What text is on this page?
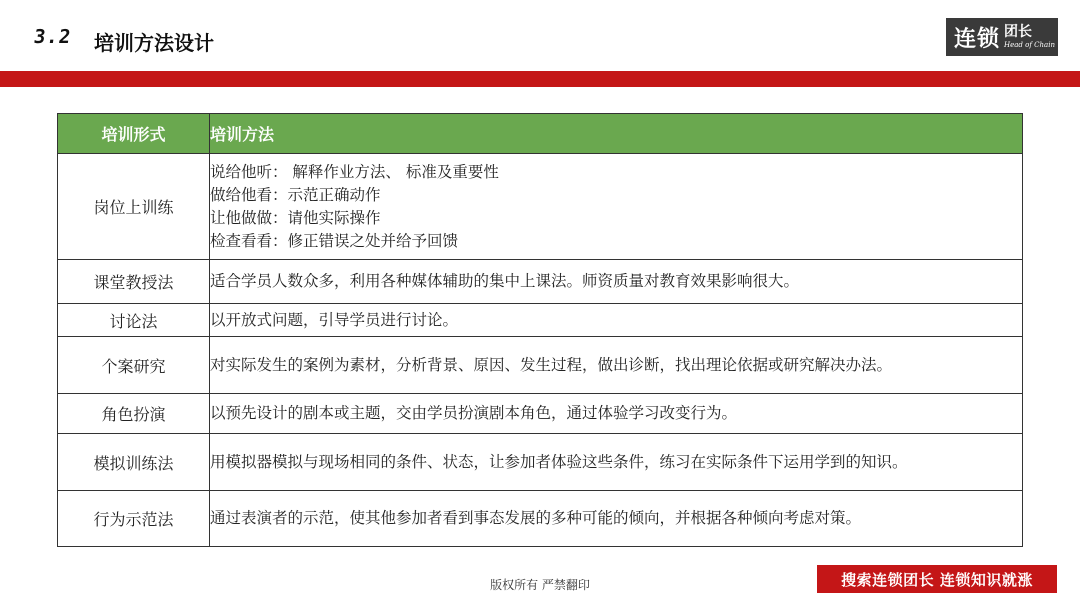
3.2 培训方法设计	连锁 团长
Head of Chain
培训形式	培训方法
岗位上训练	说给他听： 解释作业方法、 标准及重要性
做给他看：示范正确动作
让他做做：请他实际操作
检查看看：修正错误之处并给予回馈

课堂教授法	适合学员人数众多，利用各种媒体辅助的集中上课法。师资质量对教育效果影响很大。

讨论法	以开放式问题，引导学员进行讨论。

个案研究	对实际发生的案例为素材，分析背景、原因、发生过程，做出诊断，找出理论依据或研究解决办法。

角色扮演	以预先设计的剧本或主题，交由学员扮演剧本角色，通过体验学习改变行为。

模拟训练法	用模拟器模拟与现场相同的条件、状态，让参加者体验这些条件，练习在实际条件下运用学到的知识。

行为示范法	通过表演者的示范，使其他参加者看到事态发展的多种可能的倾向，并根据各种倾向考虑对策。
版权所有 严禁翻印	搜索连锁团长 连锁知识就涨
